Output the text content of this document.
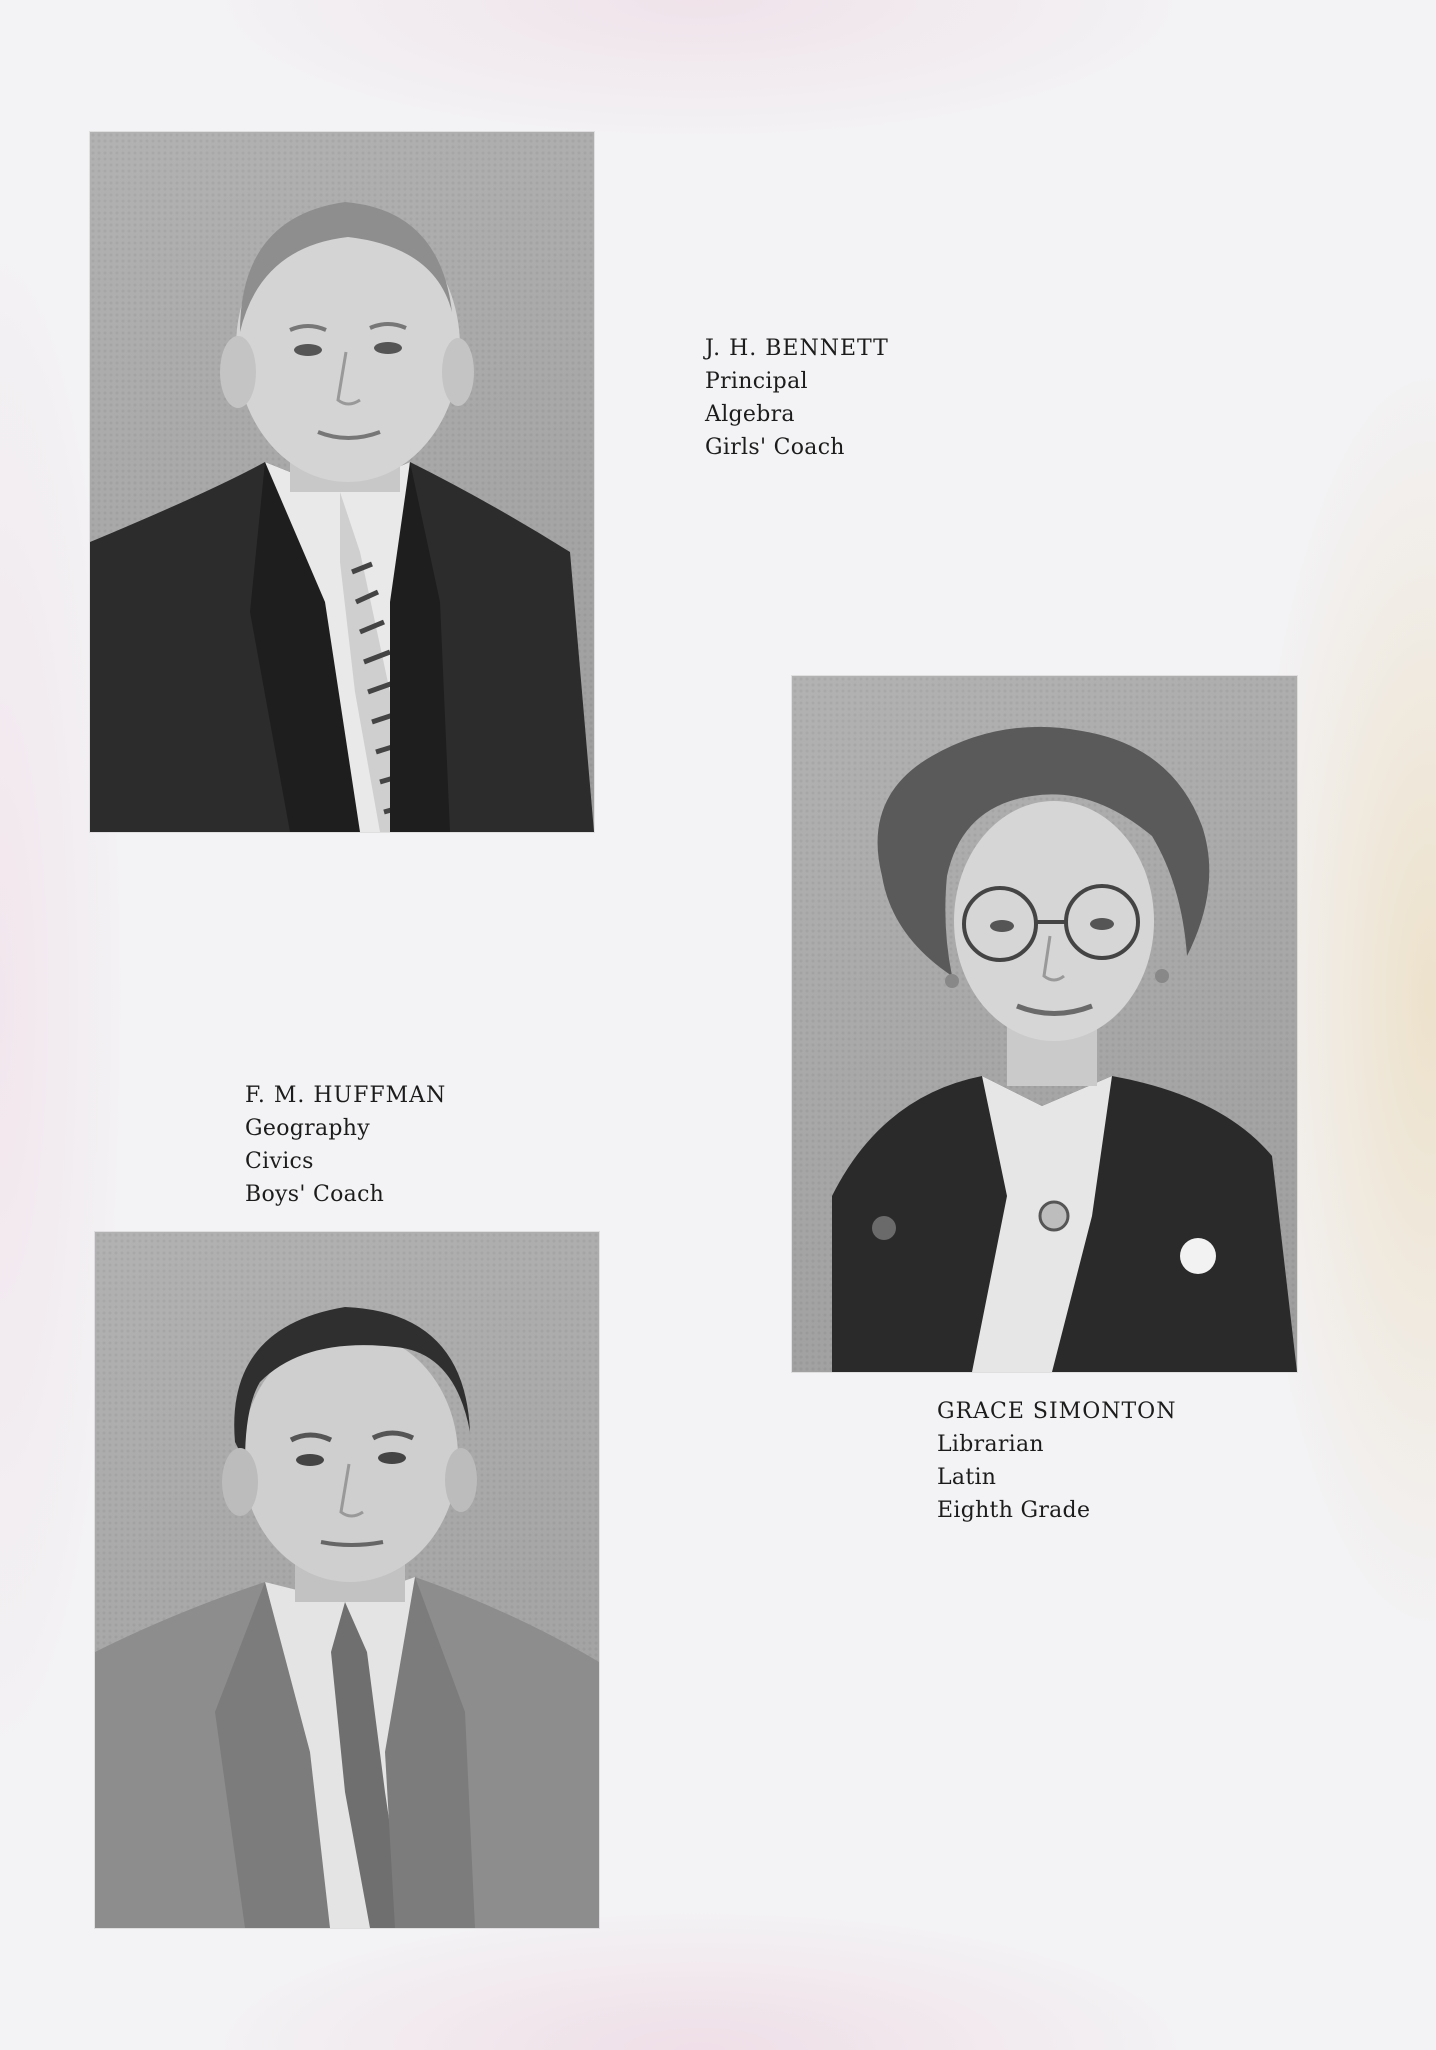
J. H. BENNETT
Principal
Algebra
Girls' Coach
GRACE SIMONTON
Librarian
Latin
Eighth Grade
F. M. HUFFMAN
Geography
Civics
Boys' Coach
